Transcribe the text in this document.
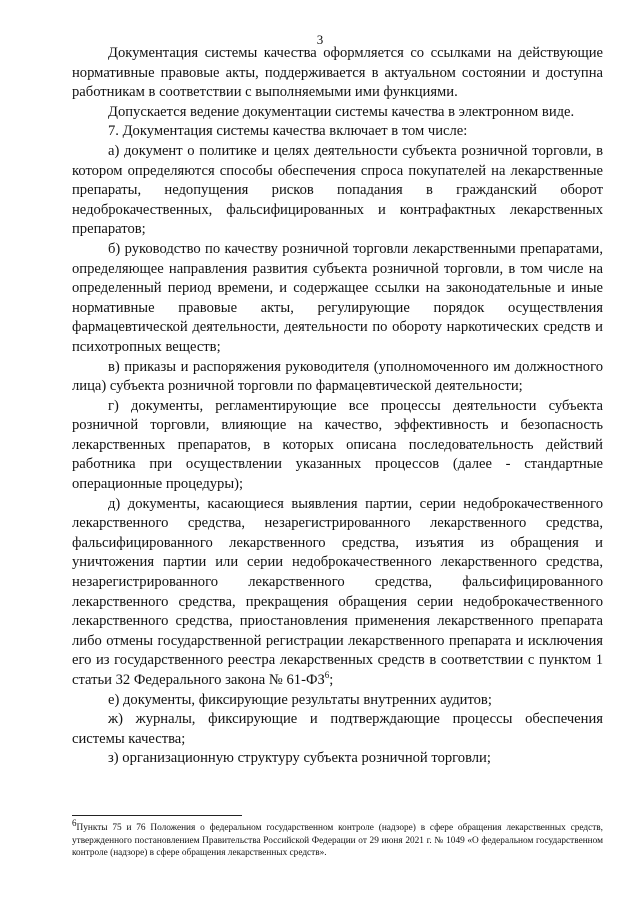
3

Документация системы качества оформляется со ссылками на действующие нормативные правовые акты, поддерживается в актуальном состоянии и доступна работникам в соответствии с выполняемыми ими функциями.

Допускается ведение документации системы качества в электронном виде.

7. Документация системы качества включает в том числе:

а) документ о политике и целях деятельности субъекта розничной торговли, в котором определяются способы обеспечения спроса покупателей на лекарственные препараты, недопущения рисков попадания в гражданский оборот недоброкачественных, фальсифицированных и контрафактных лекарственных препаратов;

б) руководство по качеству розничной торговли лекарственными препаратами, определяющее направления развития субъекта розничной торговли, в том числе на определенный период времени, и содержащее ссылки на законодательные и иные нормативные правовые акты, регулирующие порядок осуществления фармацевтической деятельности, деятельности по обороту наркотических средств и психотропных веществ;

в) приказы и распоряжения руководителя (уполномоченного им должностного лица) субъекта розничной торговли по фармацевтической деятельности;

г) документы, регламентирующие все процессы деятельности субъекта розничной торговли, влияющие на качество, эффективность и безопасность лекарственных препаратов, в которых описана последовательность действий работника при осуществлении указанных процессов (далее - стандартные операционные процедуры);

д) документы, касающиеся выявления партии, серии недоброкачественного лекарственного средства, незарегистрированного лекарственного средства, фальсифицированного лекарственного средства, изъятия из обращения и уничтожения партии или серии недоброкачественного лекарственного средства, незарегистрированного лекарственного средства, фальсифицированного лекарственного средства, прекращения обращения серии недоброкачественного лекарственного средства, приостановления применения лекарственного препарата либо отмены государственной регистрации лекарственного препарата и исключения его из государственного реестра лекарственных средств в соответствии с пунктом 1 статьи 32 Федерального закона № $61-ФЗ^6$;

е) документы, фиксирующие результаты внутренних аудитов;

ж) журналы, фиксирующие и подтверждающие процессы обеспечения системы качества;

з) организационную структуру субъекта розничной торговли;

6Пункты 75 и 76 Положения о федеральном государственном контроле (надзоре) в сфере обращения лекарственных средств, утвержденного постановлением Правительства Российской Федерации от 29 июня 2021 г. № 1049 «О федеральном государственном контроле (надзоре) в сфере обращения лекарственных средств».
